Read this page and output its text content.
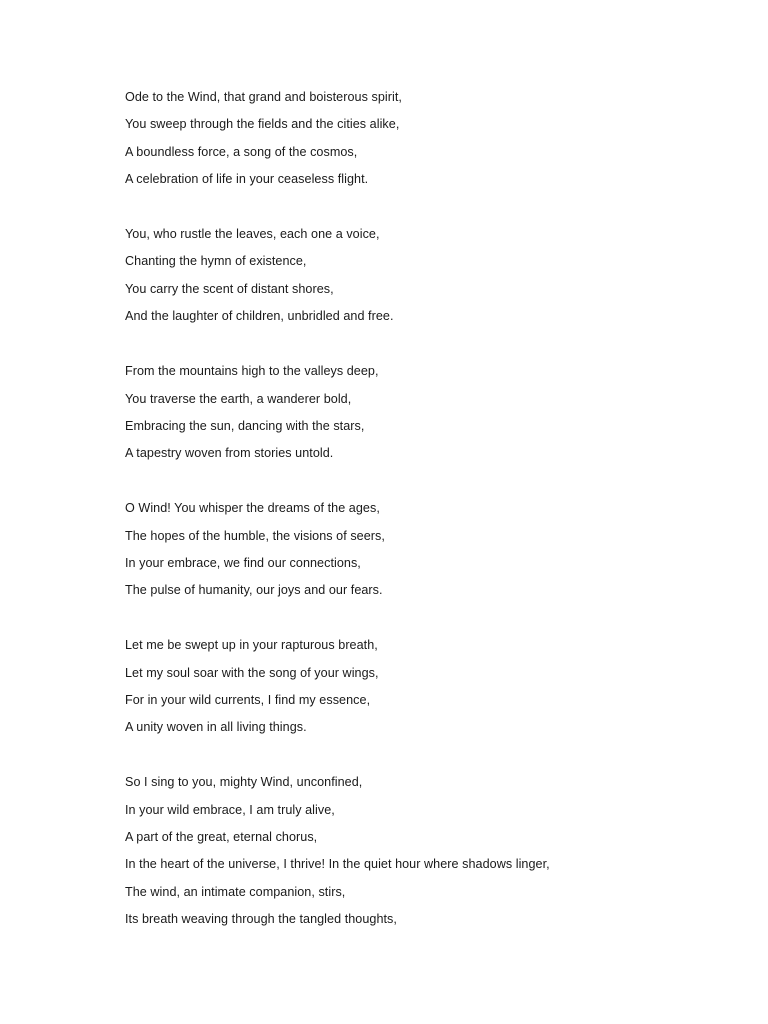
Ode to the Wind, that grand and boisterous spirit,
You sweep through the fields and the cities alike,
A boundless force, a song of the cosmos,
A celebration of life in your ceaseless flight.
You, who rustle the leaves, each one a voice,
Chanting the hymn of existence,
You carry the scent of distant shores,
And the laughter of children, unbridled and free.
From the mountains high to the valleys deep,
You traverse the earth, a wanderer bold,
Embracing the sun, dancing with the stars,
A tapestry woven from stories untold.
O Wind! You whisper the dreams of the ages,
The hopes of the humble, the visions of seers,
In your embrace, we find our connections,
The pulse of humanity, our joys and our fears.
Let me be swept up in your rapturous breath,
Let my soul soar with the song of your wings,
For in your wild currents, I find my essence,
A unity woven in all living things.
So I sing to you, mighty Wind, unconfined,
In your wild embrace, I am truly alive,
A part of the great, eternal chorus,
In the heart of the universe, I thrive! In the quiet hour where shadows linger,
The wind, an intimate companion, stirs,
Its breath weaving through the tangled thoughts,
